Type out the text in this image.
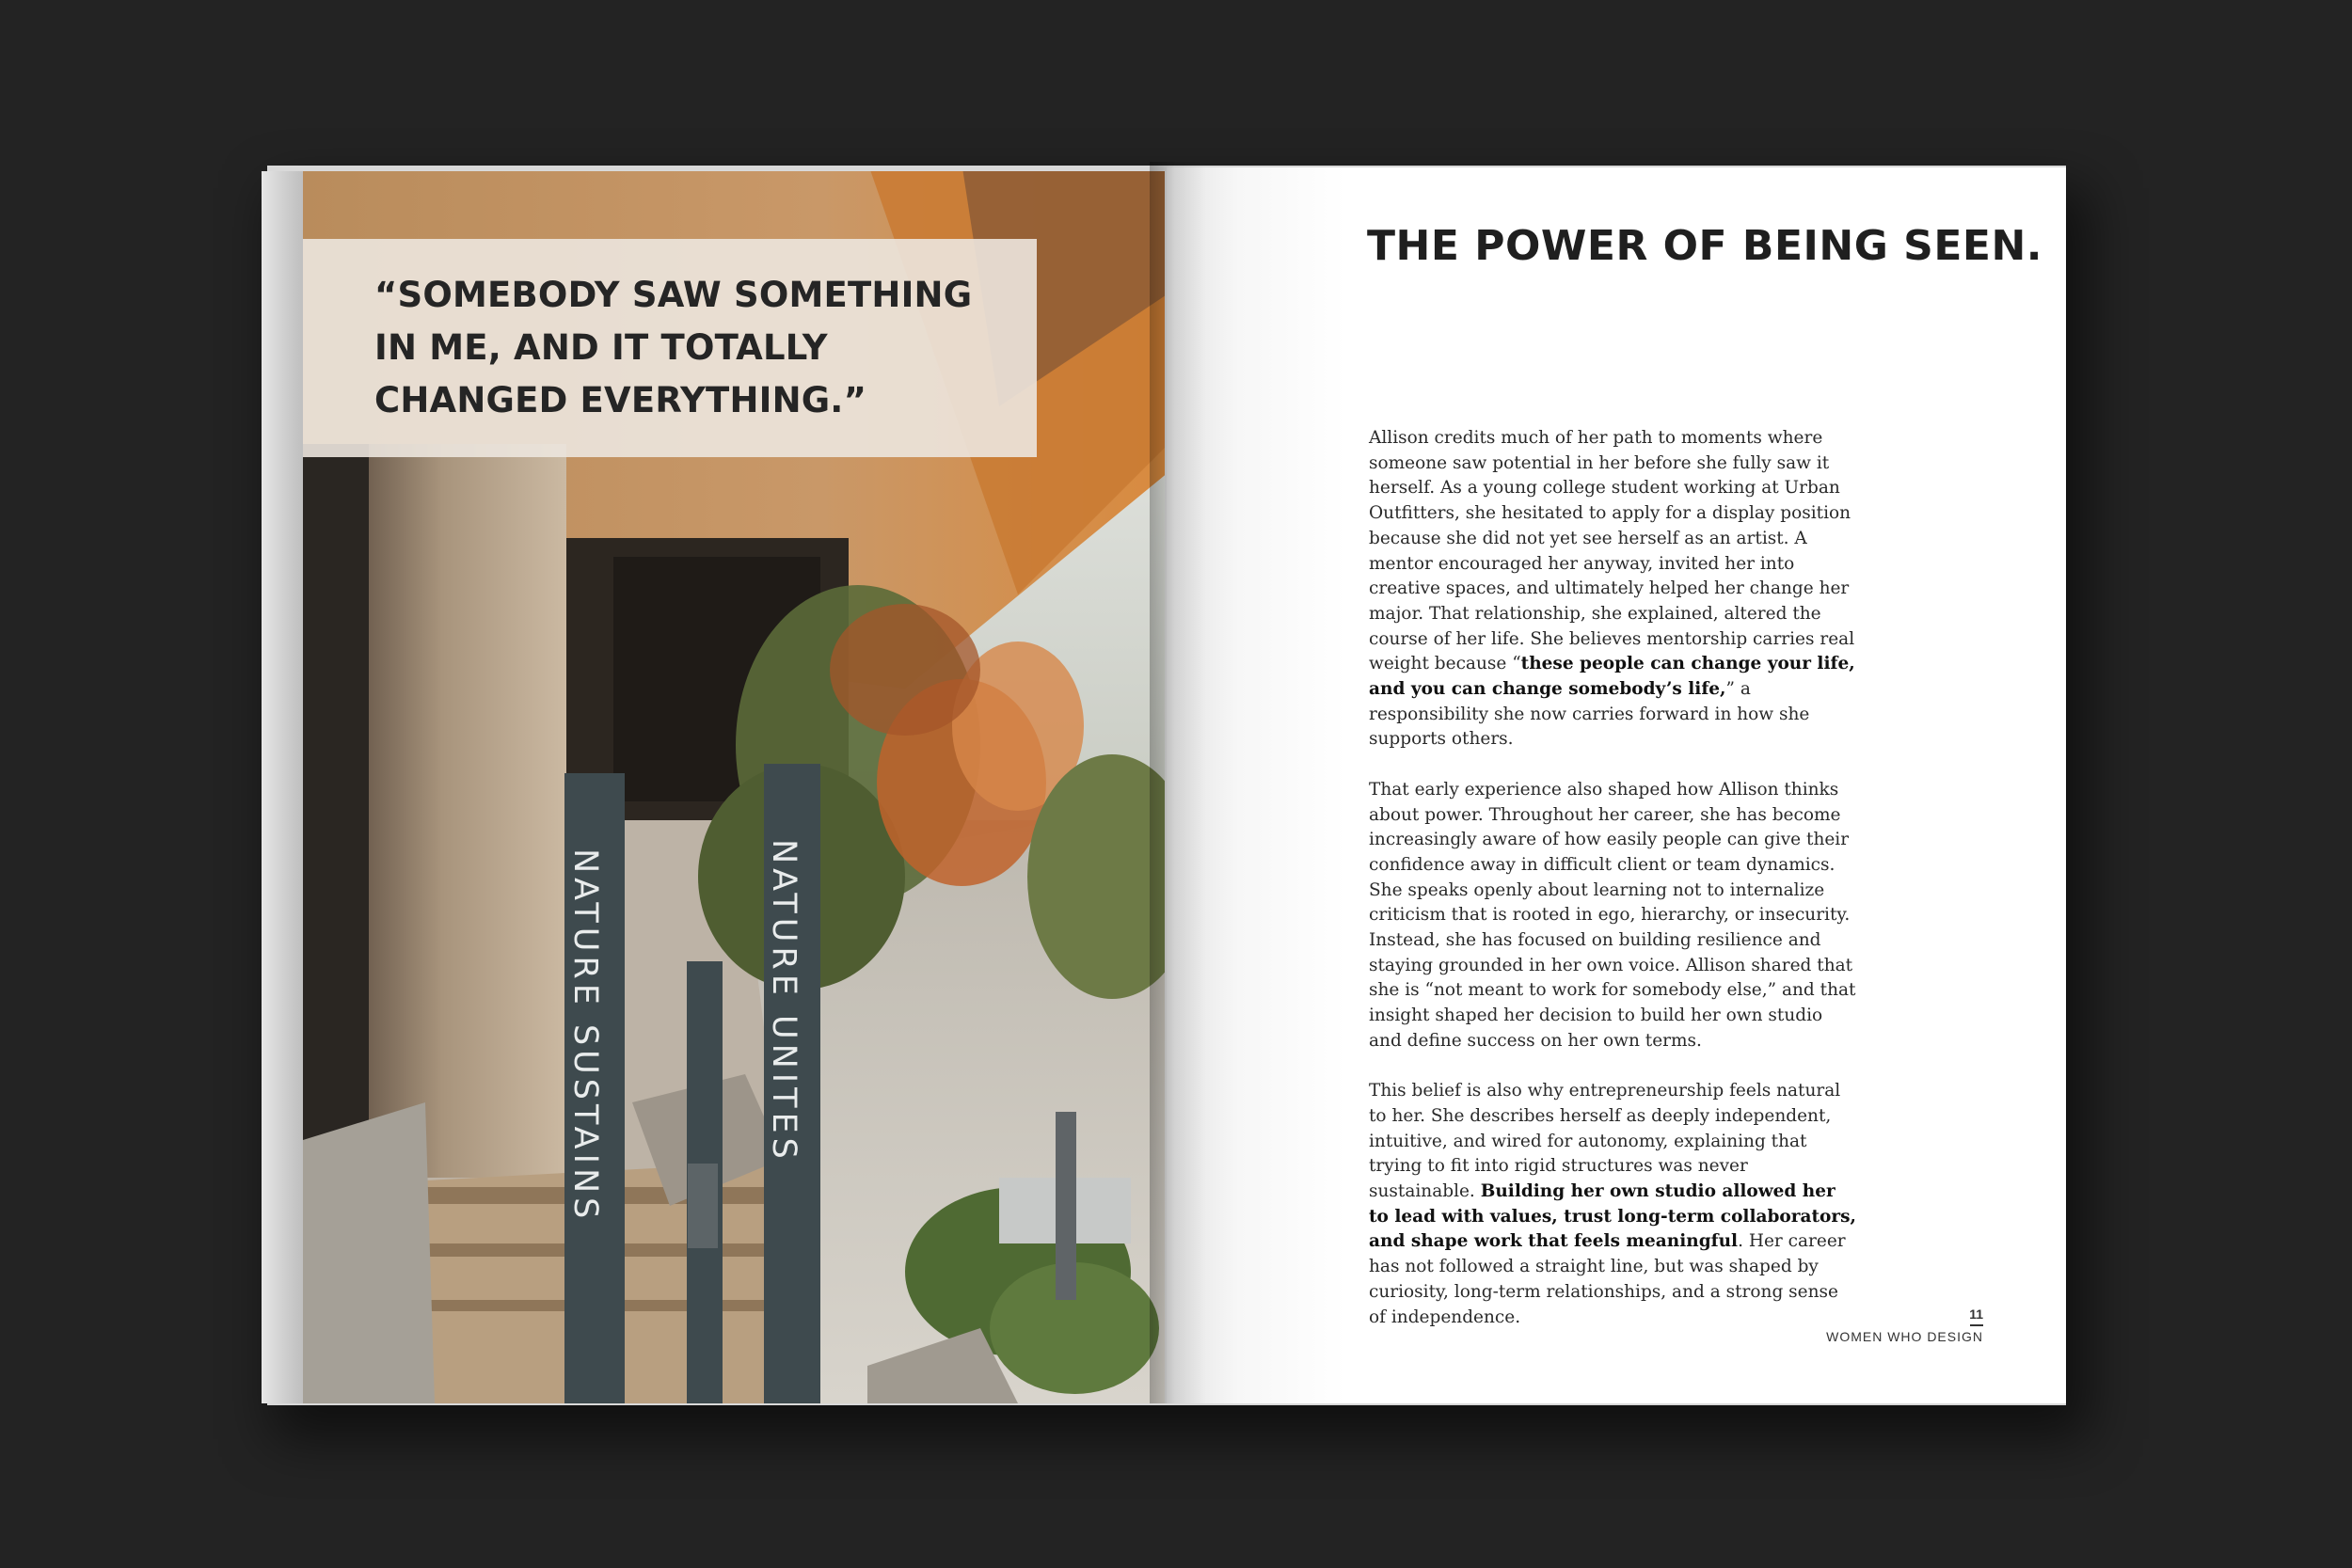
“SOMEBODY SAW SOMETHING
IN ME, AND IT TOTALLY
CHANGED EVERYTHING.”
NATURE SUSTAINS	NATURE UNITES
THE POWER OF BEING SEEN.

Allison credits much of her path to moments where someone saw potential in her before she fully saw it herself. As a young college student working at Urban Outfitters, she hesitated to apply for a display position because she did not yet see herself as an artist. A mentor encouraged her anyway, invited her into creative spaces, and ultimately helped her change her major. That relationship, she explained, altered the course of her life. She believes mentorship carries real weight because “these people can change your life, and you can change somebody’s life,” a responsibility she now carries forward in how she supports others.

That early experience also shaped how Allison thinks about power. Throughout her career, she has become increasingly aware of how easily people can give their confidence away in difficult client or team dynamics. She speaks openly about learning not to internalize criticism that is rooted in ego, hierarchy, or insecurity. Instead, she has focused on building resilience and staying grounded in her own voice. Allison shared that she is “not meant to work for somebody else,” and that insight shaped her decision to build her own studio and define success on her own terms.

This belief is also why entrepreneurship feels natural to her. She describes herself as deeply independent, intuitive, and wired for autonomy, explaining that trying to fit into rigid structures was never sustainable. Building her own studio allowed her to lead with values, trust long-term collaborators, and shape work that feels meaningful. Her career has not followed a straight line, but was shaped by curiosity, long-term relationships, and a strong sense of independence.	11
WOMEN WHO DESIGN
